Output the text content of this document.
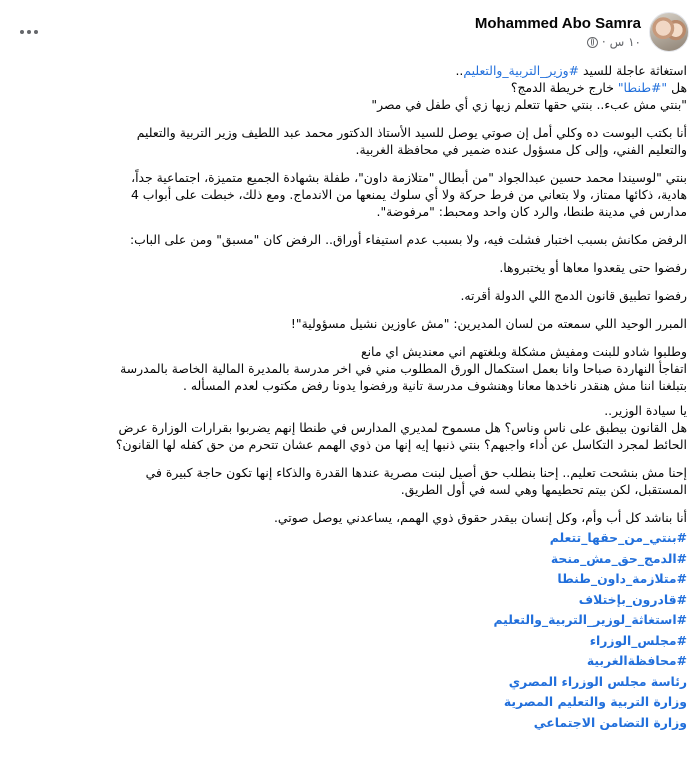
Mohammed Abo Samra
١٠ س
·
استغاثة عاجلة للسيد #وزير_التربية_والتعليم..
هل "#طنطا" خارج خريطة الدمج؟
"بنتي مش عبء.. بنتي حقها تتعلم زيها زي أي طفل في مصر"
أنا بكتب البوست ده وكلي أمل إن صوتي يوصل للسيد الأستاذ الدكتور محمد عبد اللطيف وزير التربية والتعليم
والتعليم الفني، وإلى كل مسؤول عنده ضمير في محافظة الغربية.
بنتي "لوسيندا محمد حسين عبدالجواد "من أبطال "متلازمة داون"، طفلة بشهادة الجميع متميزة، اجتماعية جداً،
هادية، ذكائها ممتاز، ولا بتعاني من فرط حركة ولا أي سلوك يمنعها من الاندماج. ومع ذلك، خبطت على أبواب 4
مدارس في مدينة طنطا، والرد كان واحد ومحبط: "مرفوضة".
الرفض مكانش بسبب اختبار فشلت فيه، ولا بسبب عدم استيفاء أوراق.. الرفض كان "مسبق" ومن على الباب:
رفضوا حتى يقعدوا معاها أو يختبروها.
رفضوا تطبيق قانون الدمج اللي الدولة أقرته.
المبرر الوحيد اللي سمعته من لسان المديرين: "مش عاوزين نشيل مسؤولية"!
وطلبوا شادو للبنت ومفيش مشكلة وبلغتهم اني معنديش اي مانع
اتفاجأ النهاردة صباحا وانا بعمل استكمال الورق المطلوب مني في اخر مدرسة بالمديرة المالية الخاصة بالمدرسة
بتبلغنا اننا مش هنقدر ناخدها معانا وهنشوف مدرسة تانية ورفضوا يدونا رفض مكتوب لعدم المسأله .
يا سيادة الوزير..
هل القانون بيطبق على ناس وناس؟ هل مسموح لمديري المدارس في طنطا إنهم يضربوا بقرارات الوزارة عرض
الحائط لمجرد التكاسل عن أداء واجبهم؟ بنتي ذنبها إيه إنها من ذوي الهمم عشان تتحرم من حق كفله لها القانون؟
إحنا مش بنشحت تعليم.. إحنا بنطلب حق أصيل لبنت مصرية عندها القدرة والذكاء إنها تكون حاجة كبيرة في
المستقبل، لكن بيتم تحطيمها وهي لسه في أول الطريق.
أنا بناشد كل أب وأم، وكل إنسان بيقدر حقوق ذوي الهمم، يساعدني يوصل صوتي.
#بنتي_من_حقها_تتعلم
#الدمج_حق_مش_منحة
#متلازمة_داون_طنطا
#قادرون_بإختلاف
#استغاثة_لوزير_التربية_والتعليم
#مجلس_الوزراء
#محافظةالغربية
رئاسة مجلس الوزراء المصري
وزارة التربية والتعليم المصرية
وزارة التضامن الاجتماعي
